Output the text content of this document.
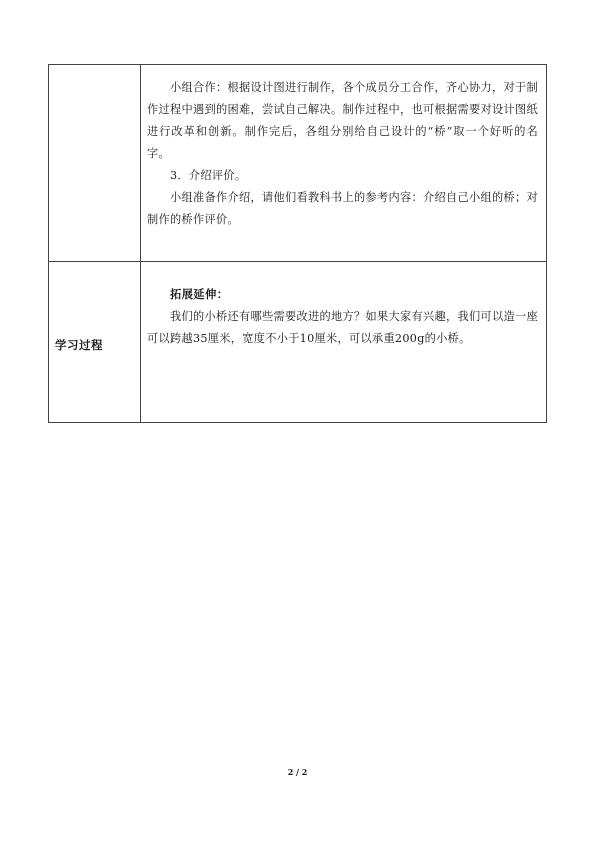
	小组合作：根据设计图进行制作，各个成员分工合作，齐心协力，对于制作过程中遇到的困难，尝试自己解决。制作过程中，也可根据需要对设计图纸进行改革和创新。制作完后，各组分别给自己设计的“桥”取一个好听的名字。

3．介绍评价。

小组准备作介绍，请他们看教科书上的参考内容：介绍自己小组的桥；对制作的桥作评价。

学习过程	拓展延伸：

我们的小桥还有哪些需要改进的地方？如果大家有兴趣，我们可以造一座可以跨越35厘米，宽度不小于10厘米，可以承重200g的小桥。

2 / 2
